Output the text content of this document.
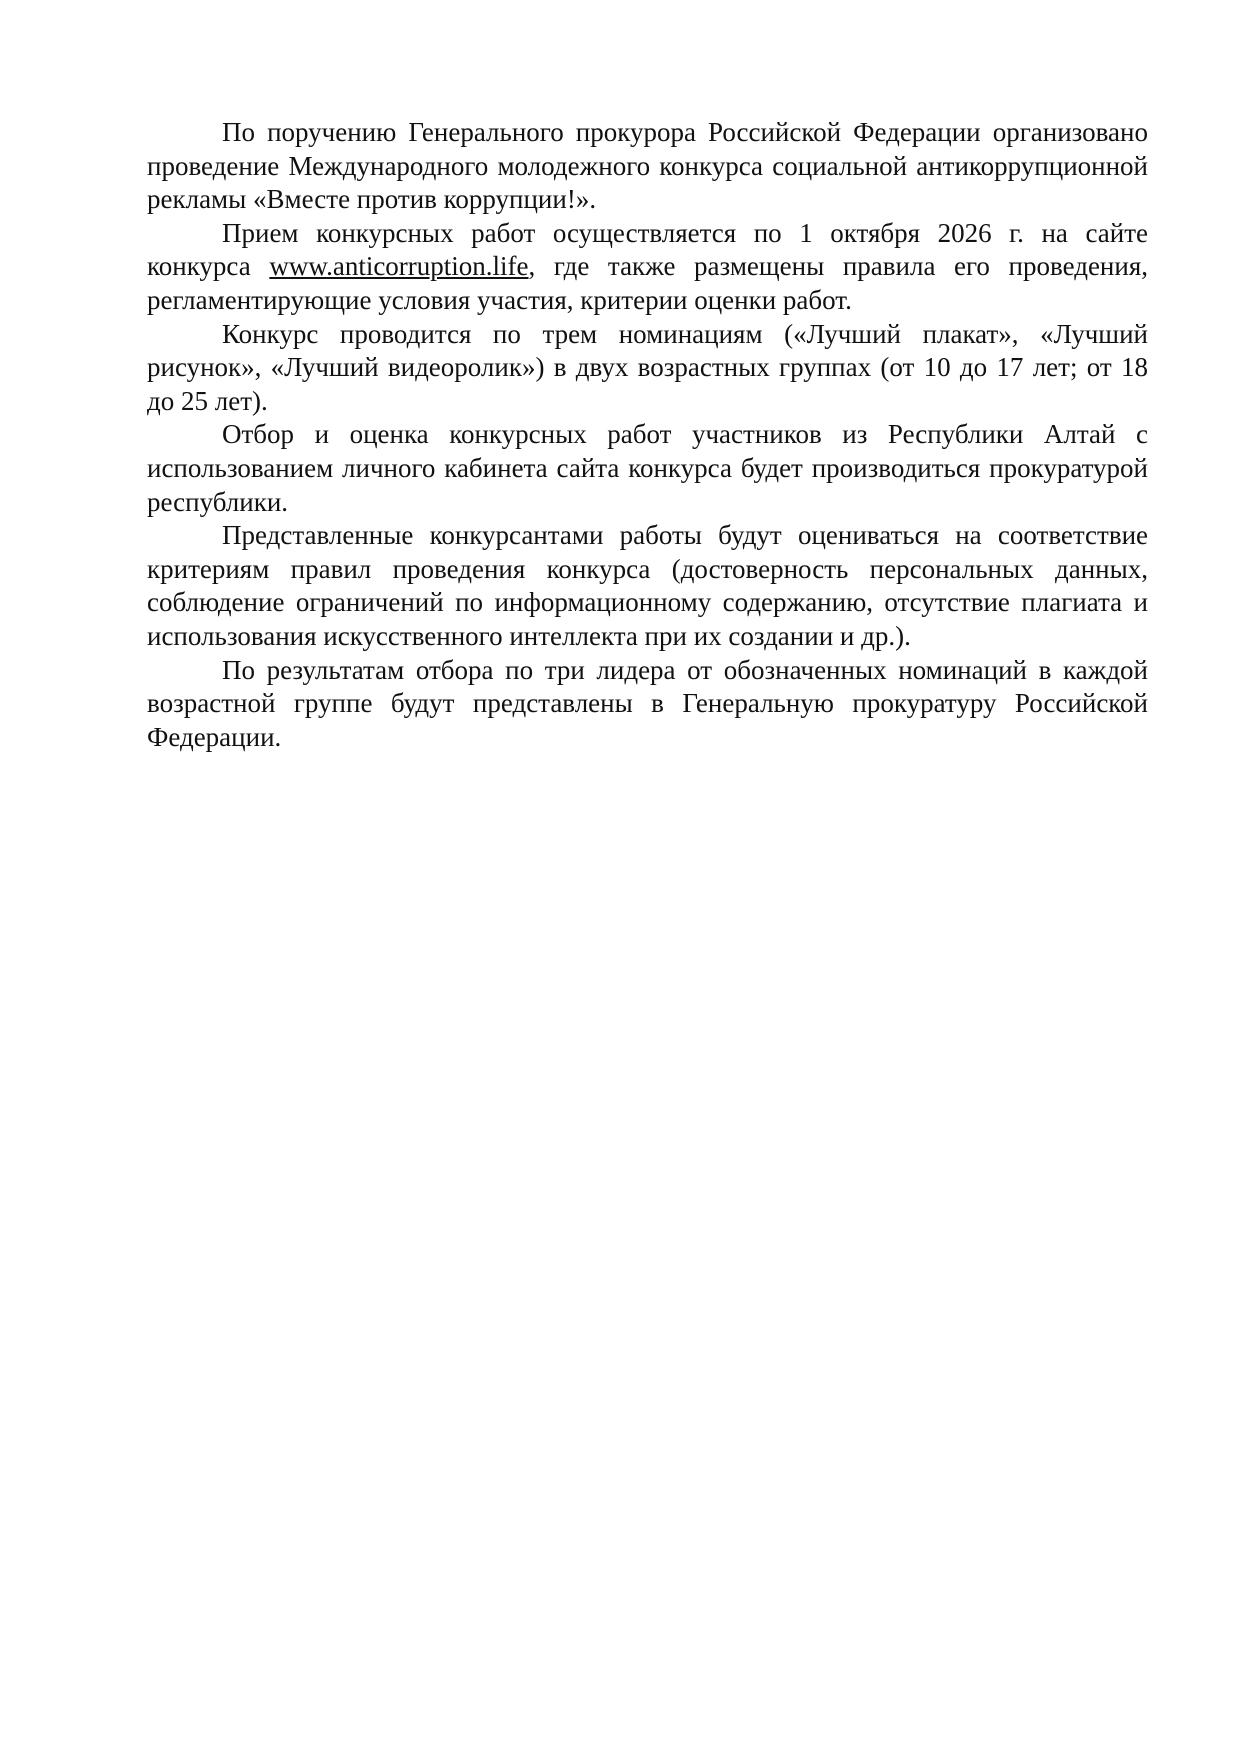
По поручению Генерального прокурора Российской Федерации организовано проведение Международного молодежного конкурса социальной антикоррупционной рекламы «Вместе против коррупции!».

Прием конкурсных работ осуществляется по 1 октября 2026 г. на сайте конкурса www.anticorruption.life, где также размещены правила его проведения, регламентирующие условия участия, критерии оценки работ.

Конкурс проводится по трем номинациям («Лучший плакат», «Лучший рисунок», «Лучший видеоролик») в двух возрастных группах (от 10 до 17 лет; от 18 до 25 лет).

Отбор и оценка конкурсных работ участников из Республики Алтай с использованием личного кабинета сайта конкурса будет производиться прокуратурой республики.

Представленные конкурсантами работы будут оцениваться на соответствие критериям правил проведения конкурса (достоверность персональных данных, соблюдение ограничений по информационному содержанию, отсутствие плагиата и использования искусственного интеллекта при их создании и др.).

По результатам отбора по три лидера от обозначенных номинаций в каждой возрастной группе будут представлены в Генеральную прокуратуру Российской Федерации.
